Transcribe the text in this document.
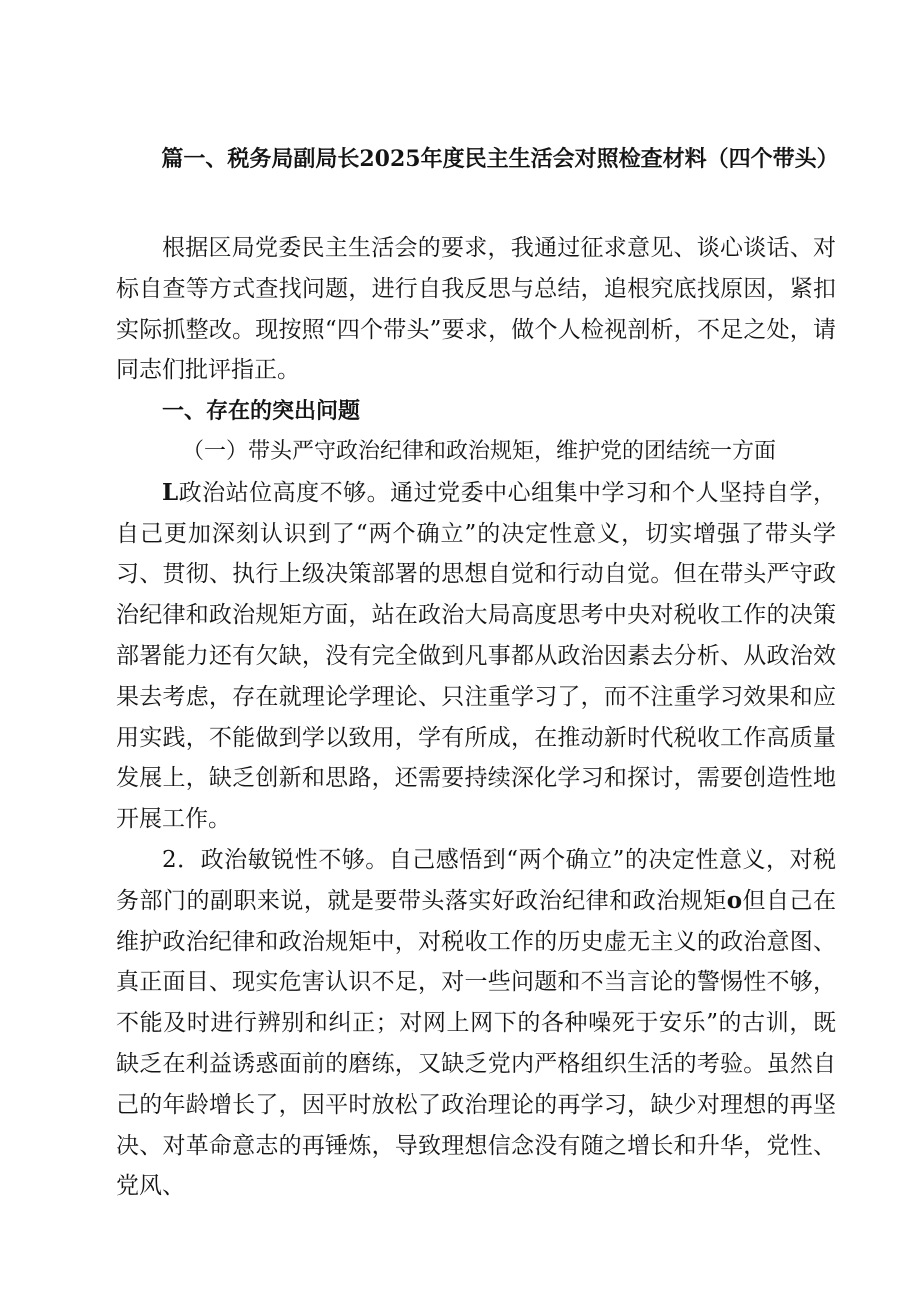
篇一、税务局副局长2025年度民主生活会对照检查材料（四个带头）

根据区局党委民主生活会的要求，我通过征求意见、谈心谈话、对标自查等方式查找问题，进行自我反思与总结，追根究底找原因，紧扣实际抓整改。现按照“四个带头”要求，做个人检视剖析，不足之处，请同志们批评指正。

一、存在的突出问题

（一）带头严守政治纪律和政治规矩，维护党的团结统一方面

L政治站位高度不够。通过党委中心组集中学习和个人坚持自学，自己更加深刻认识到了“两个确立”的决定性意义，切实增强了带头学习、贯彻、执行上级决策部署的思想自觉和行动自觉。但在带头严守政治纪律和政治规矩方面，站在政治大局高度思考中央对税收工作的决策部署能力还有欠缺，没有完全做到凡事都从政治因素去分析、从政治效果去考虑，存在就理论学理论、只注重学习了，而不注重学习效果和应用实践，不能做到学以致用，学有所成，在推动新时代税收工作高质量发展上，缺乏创新和思路，还需要持续深化学习和探讨，需要创造性地开展工作。

2．政治敏锐性不够。自己感悟到“两个确立”的决定性意义，对税务部门的副职来说，就是要带头落实好政治纪律和政治规矩o但自己在维护政治纪律和政治规矩中，对税收工作的历史虚无主义的政治意图、真正面目、现实危害认识不足，对一些问题和不当言论的警惕性不够，不能及时进行辨别和纠正；对网上网下的各种噪死于安乐”的古训，既缺乏在利益诱惑面前的磨练，又缺乏党内严格组织生活的考验。虽然自己的年龄增长了，因平时放松了政治理论的再学习，缺少对理想的再坚决、对革命意志的再锤炼，导致理想信念没有随之增长和升华，党性、党风、
